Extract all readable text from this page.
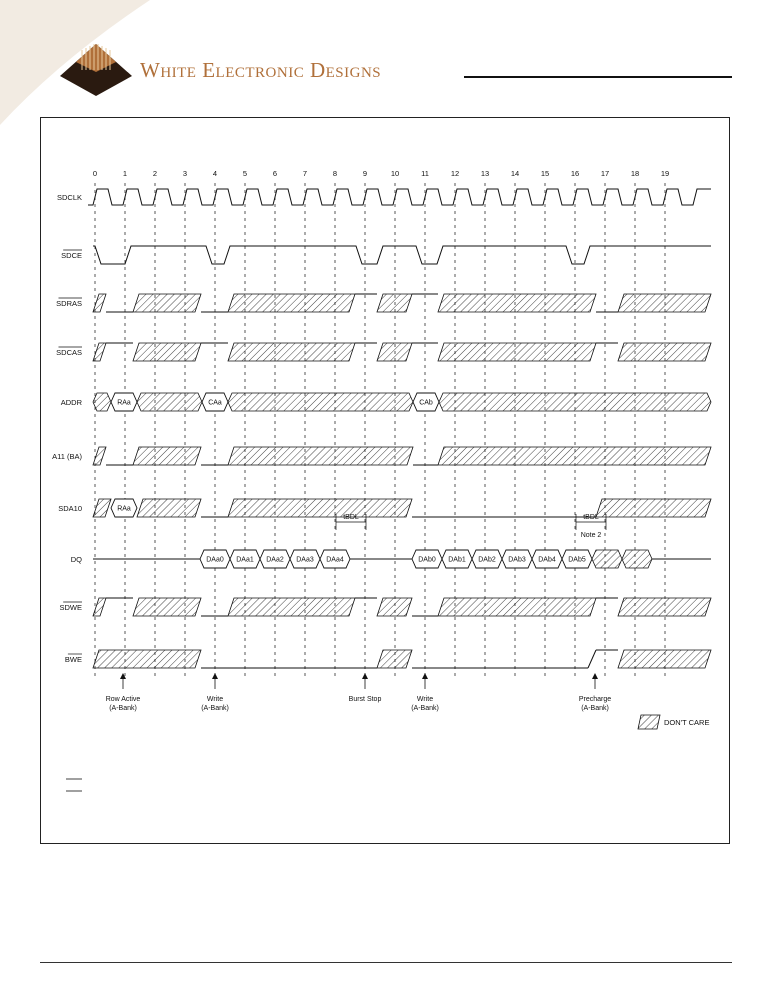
White Electronic Designs
0	1	2	3	4	5	6	7	8	9	10	11	12	13	14	15	16	17	18	19
SDCLK
SDCE
SDRAS
SDCAS
ADDR
A11 (BA)
SDA10
DQ
SDWE
BWE
RAa	CAa	CAb
RAa
DAa0 DAa1 DAa2 DAa3 DAa4	DAb0 DAb1 DAb2 DAb3 DAb4 DAb5
tBDL	tBDL
Note 2
Row Active
(A-Bank)
Write
(A-Bank)
Burst Stop	Write
(A-Bank)
Precharge
(A-Bank)
DON'T CARE
